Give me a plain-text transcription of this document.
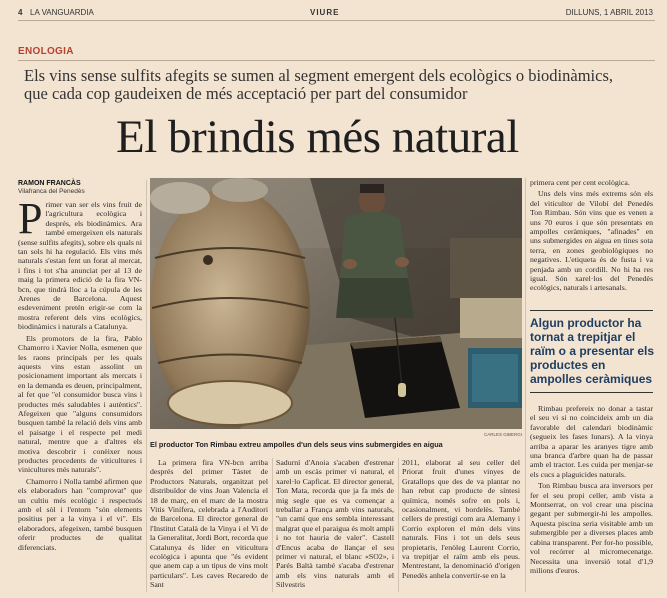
4 LA VANGUARDIA	VIURE	DILLUNS, 1 ABRIL 2013
ENOLOGIA
Els vins sense sulfits afegits se sumen al segment emergent dels ecològics o biodinàmics, que cada cop gaudeixen de més acceptació per part del consumidor
El brindis més natural
RAMON FRANCÀS
Vilafranca del Penedès
P rimer van ser els vins fruit de l'agricultura ecològica i després, els biodinàmics. Ara també emergeixen els naturals (sense sulfits afegits), sobre els quals ni tan sols hi ha regulació. Els vins més naturals s'estan fent un forat al mercat, i fins i tot s'ha anunciat per al 13 de maig la primera edició de la fira VN-bcn, que tindrà lloc a la cúpula de les Arenes de Barcelona. Aquest esdeveniment pretén erigir-se com la mostra referent dels vins ecològics, biodinàmics i naturals a Catalunya.

Els promotors de la fira, Pablo Chamorro i Xavier Nolla, esmenen que les raons principals per les quals aquests vins estan assolint un posicionament important als mercats i en la demanda es deuen, principalment, al fet que "el consumidor busca vins i productes més saludables i autèntics". Afegeixen que "alguns consumidors busquen també la relació dels vins amb el paisatge i el respecte pel medi natural, mentre que a d'altres els motiva descobrir i conèixer nous productes procedents de viticultures i vinicultures més naturals".

Chamorro i Nolla també afirmen que els elaboradors han "comprovat" que un cultiu més ecològic i respectuós amb el sòl i l'entorn "són elements positius per a la vinya i el vi". Els elaboradors, afegeixen, també busquen oferir productes de qualitat diferenciats.

CARLES GIBERGI
El productor Ton Rimbau extreu ampolles d'un dels seus vins submergides en aigua

La primera fira VN-bcn arriba després del primer Tàstet de Productors Naturals, organitzat pel distribuïdor de vins Joan Valencia el 18 de març, en el marc de la mostra Vitis Vinífera, celebrada a l'Auditori de Barcelona. El director general de l'Institut Català de la Vinya i el Vi de la Generalitat, Jordi Bort, recorda que Catalunya és líder en viticultura ecològica i apunta que "és evident que anem cap a un tipus de vins molt particulars". Les caves Recaredo de Sant

Sadurní d'Anoia s'acaben d'estrenar amb un escàs primer vi natural, el xarel·lo Capficat. El director general, Ton Mata, recorda que ja fa més de mig segle que es va començar a treballar a França amb vins naturals, "un camí que ens sembla interessant malgrat que el paraigua és molt ampli i no tot hauria de valer". Castell d'Encus acaba de llançar el seu primer vi natural, el blanc «SO2», i Parés Baltà també s'acaba d'estrenar amb els vins naturals amb el Silvestris

2011, elaborat al seu celler del Priorat fruit d'unes vinyes de Gratallops que des de va plantar no han rebut cap producte de síntesi química, només sofre en pols i, ocasionalment, vi bordelès. També cellers de prestigi com ara Alemany i Corrio exploren el món dels vins naturals. Fins i tot un dels seus propietaris, l'enòleg Laurent Corrio, va trepitjar el raïm amb els peus. Mentrestant, la denominació d'origen Penedès anhela convertir-se en la

primera cent per cent ecològica.

Uns dels vins més extrems són els del viticultor de Vilobí del Penedès Ton Rimbau. Són vins que es venen a uns 70 euros i que són presentats en ampolles ceràmiques, "afinades" en uns submergides en aigua en tines sota terra, en zones geobiològiques no negatives. L'etiqueta és de fusta i va penjada amb un cordill. No hi ha res igual. Són xarel·los del Penedès ecològics, naturals i artesanals.

Algun productor ha tornat a trepitjar el raïm o a presentar els productes en ampolles ceràmiques

Rimbau prefereix no donar a tastar el seu vi si no coincideix amb un dia favorable del calendari biodinàmic (segueix les fases lunars). A la vinya arriba a aparar les aranyes tigre amb una branca d'arbre quan ha de passar amb el tractor. Les cuida per menjar-se els cucs a plaguicides naturals.

Ton Rimbau busca ara inversors per fer el seu propi celler, amb vista a Montserrat, on vol crear una piscina gegant per submergir-hi les ampolles. Aquesta piscina seria visitable amb un submergible per a diverses places amb cabina transparent. Per for-ho possible, vol recórrer al micromecenatge. Necessita una inversió total d'1,9 milions d'euros.
